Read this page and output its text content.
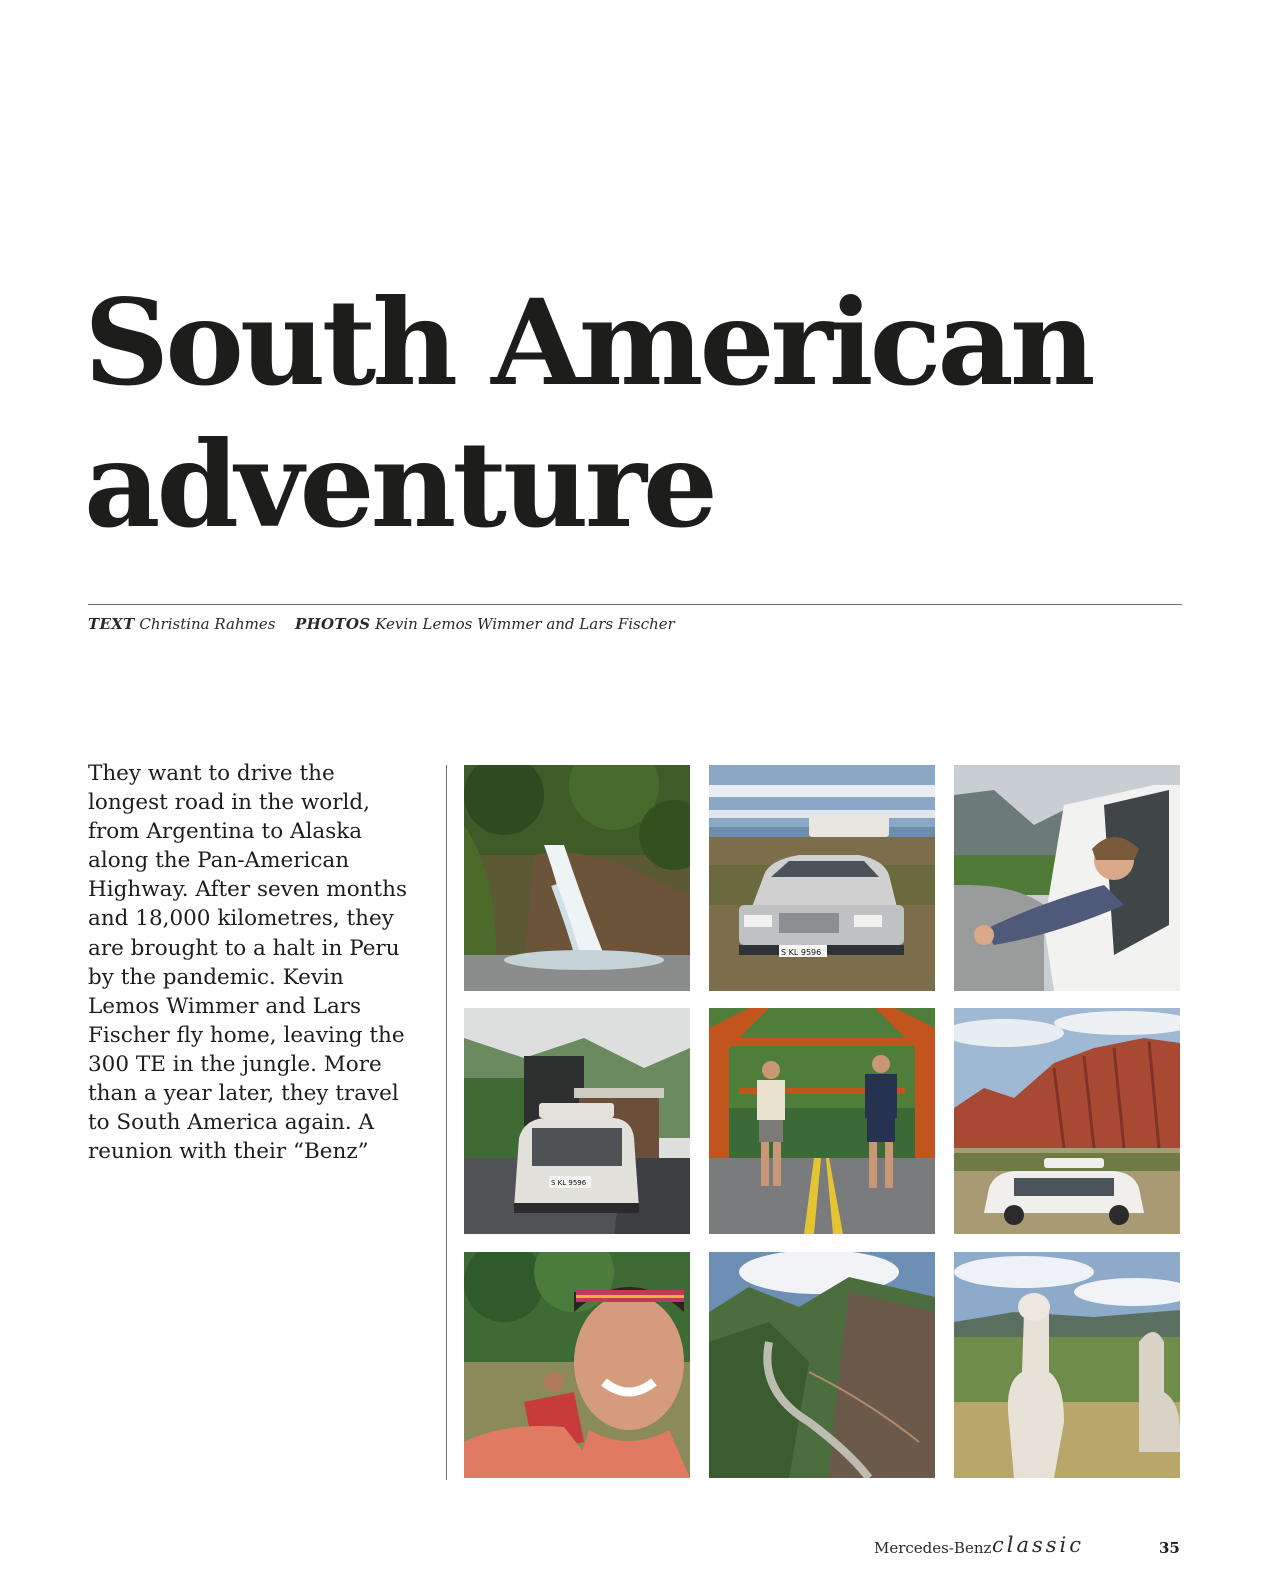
South American
adventure
TEXT Christina Rahmes PHOTOS Kevin Lemos Wimmer and Lars Fischer

They want to drive the longest road in the world, from Argentina to Alaska along the Pan-American Highway. After seven months and 18,000 kilometres, they are brought to a halt in Peru by the pandemic. Kevin Lemos Wimmer and Lars Fischer fly home, leaving the 300 TE in the jungle. More than a year later, they travel to South America again. A reunion with their “Benz”

S KL 9596
S KL 9596
Mercedes-Benz classic	35
